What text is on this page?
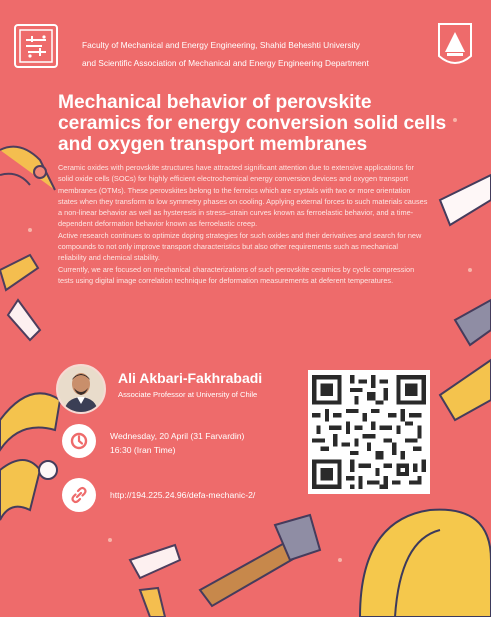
Faculty of Mechanical and Energy Engineering, Shahid Beheshti University
and Scientific Association of Mechanical and Energy Engineering Department
Mechanical behavior of perovskite ceramics for energy conversion solid cells and oxygen transport membranes

Ceramic oxides with perovskite structures have attracted significant attention due to extensive applications for solid oxide cells (SOCs) for highly efficient electrochemical energy conversion devices and oxygen transport membranes (OTMs). These perovskites belong to the ferroics which are crystals with two or more orientation states when they transform to low symmetry phases on cooling. Applying external forces to such materials causes a non-linear behavior as well as hysteresis in stress–strain curves known as ferroelastic behavior, and a time-dependent deformation behavior known as ferroelastic creep.

Active research continues to optimize doping strategies for such oxides and their derivatives and search for new compounds to not only improve transport characteristics but also other requirements such as mechanical reliability and chemical stability.

Currently, we are focused on mechanical characterizations of such perovskite ceramics by cyclic compression tests using digital image correlation technique for deformation measurements at deferent temperatures.

Ali Akbari-Fakhrabadi
Associate Professor at University of Chile
Wednesday, 20 April (31 Farvardin)
16:30 (Iran Time)
http://194.225.24.96/defa-mechanic-2/
